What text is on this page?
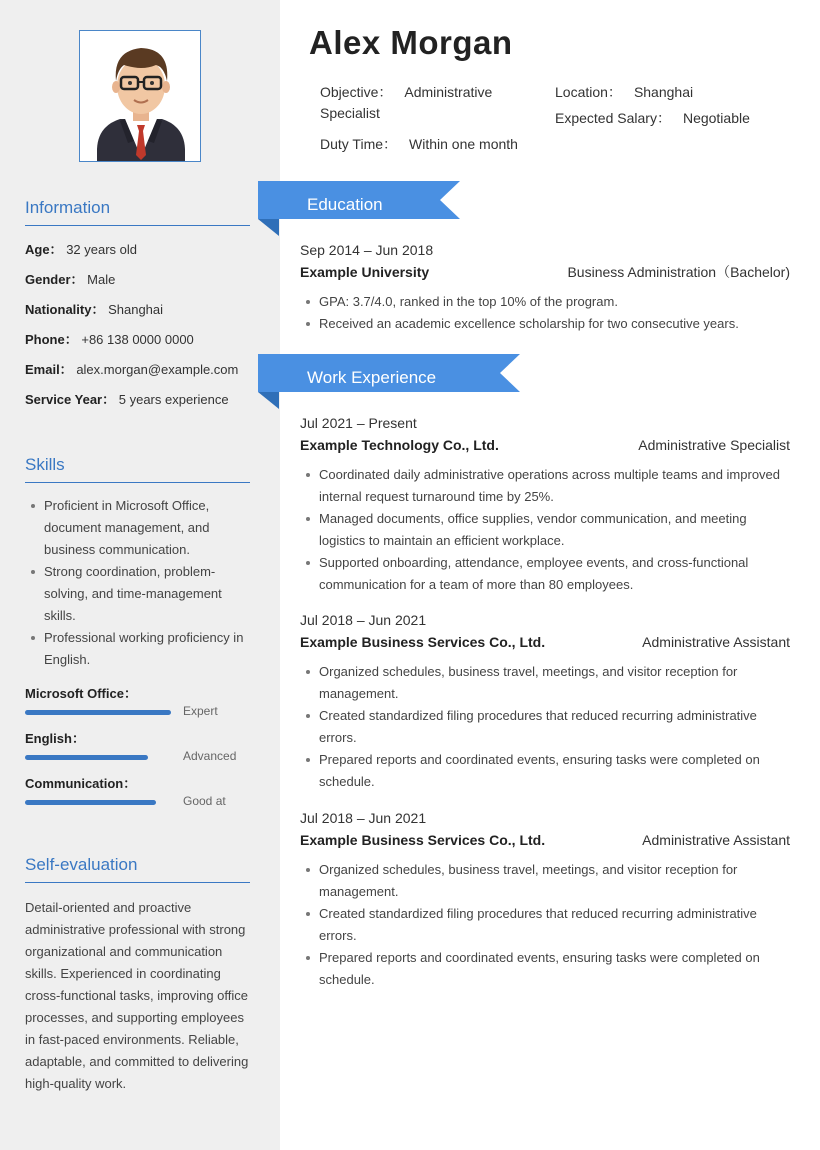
Information
Age： 32 years old
Gender： Male
Nationality： Shanghai
Phone： +86 138 0000 0000
Email： alex.morgan@example.com
Service Year： 5 years experience
Skills
Proficient in Microsoft Office, document management, and business communication.
Strong coordination, problem-solving, and time-management skills.
Professional working proficiency in English.
Microsoft Office：
Expert
English：
Advanced
Communication：
Good at
Self-evaluation

Detail-oriented and proactive administrative professional with strong organizational and communication skills. Experienced in coordinating cross-functional tasks, improving office processes, and supporting employees in fast-paced environments. Reliable, adaptable, and committed to delivering high-quality work.

Alex Morgan
Objective： Administrative Specialist
Location： Shanghai
Expected Salary： Negotiable
Duty Time： Within one month
Education
Sep 2014 – Jun 2018
Example University	Business Administration（Bachelor)
GPA: 3.7/4.0, ranked in the top 10% of the program.
Received an academic excellence scholarship for two consecutive years.
Work Experience
Jul 2021 – Present
Example Technology Co., Ltd.	Administrative Specialist
Coordinated daily administrative operations across multiple teams and improved internal request turnaround time by 25%.
Managed documents, office supplies, vendor communication, and meeting logistics to maintain an efficient workplace.
Supported onboarding, attendance, employee events, and cross-functional communication for a team of more than 80 employees.
Jul 2018 – Jun 2021
Example Business Services Co., Ltd.	Administrative Assistant
Organized schedules, business travel, meetings, and visitor reception for management.
Created standardized filing procedures that reduced recurring administrative errors.
Prepared reports and coordinated events, ensuring tasks were completed on schedule.
Jul 2018 – Jun 2021
Example Business Services Co., Ltd.	Administrative Assistant
Organized schedules, business travel, meetings, and visitor reception for management.
Created standardized filing procedures that reduced recurring administrative errors.
Prepared reports and coordinated events, ensuring tasks were completed on schedule.
